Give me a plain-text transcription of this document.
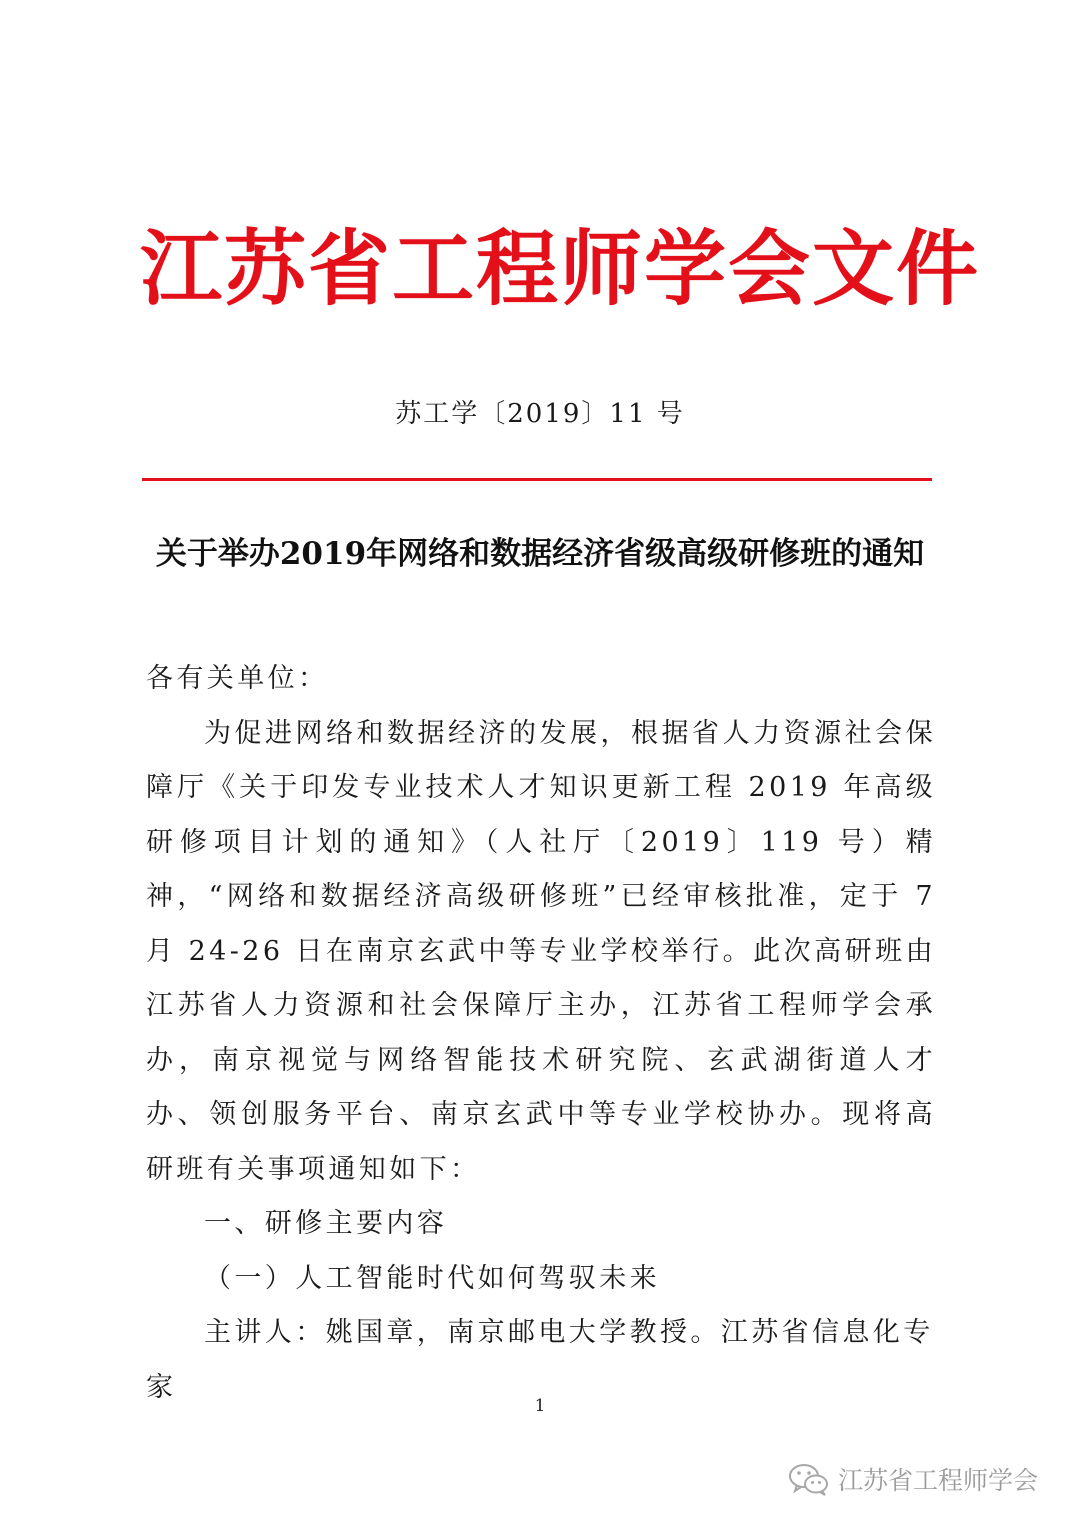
江苏省工程师学会文件
苏工学〔2019〕11 号
关于举办2019年网络和数据经济省级高级研修班的通知

各有关单位：

为促进网络和数据经济的发展，根据省人力资源社会保障厅《关于印发专业技术人才知识更新工程 2019 年高级研修项目计划的通知》（人社厅〔2019〕119 号）精神，“网络和数据经济高级研修班”已经审核批准，定于 7 月 24-26 日在南京玄武中等专业学校举行。此次高研班由江苏省人力资源和社会保障厅主办，江苏省工程师学会承办，南京视觉与网络智能技术研究院、玄武湖街道人才办、领创服务平台、南京玄武中等专业学校协办。现将高研班有关事项通知如下：

一、研修主要内容

（一）人工智能时代如何驾驭未来

主讲人：姚国章，南京邮电大学教授。江苏省信息化专家

1
江苏省工程师学会
